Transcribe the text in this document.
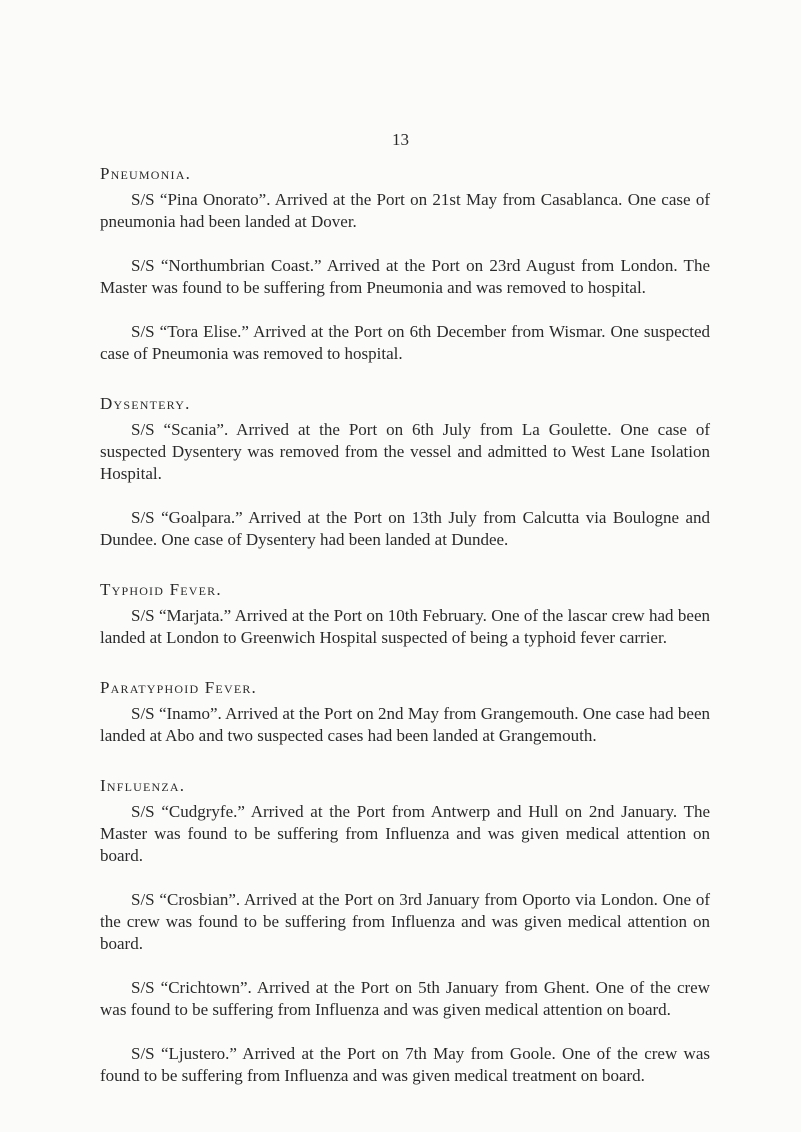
13

Pneumonia.

S/S “Pina Onorato”. Arrived at the Port on 21st May from Casablanca. One case of pneumonia had been landed at Dover.

S/S “Northumbrian Coast.” Arrived at the Port on 23rd August from London. The Master was found to be suffering from Pneumonia and was removed to hospital.

S/S “Tora Elise.” Arrived at the Port on 6th December from Wismar. One suspected case of Pneumonia was removed to hospital.

Dysentery.

S/S “Scania”. Arrived at the Port on 6th July from La Goulette. One case of suspected Dysentery was removed from the vessel and admitted to West Lane Isolation Hospital.

S/S “Goalpara.” Arrived at the Port on 13th July from Calcutta via Boulogne and Dundee. One case of Dysentery had been landed at Dundee.

Typhoid Fever.

S/S “Marjata.” Arrived at the Port on 10th February. One of the lascar crew had been landed at London to Greenwich Hospital suspected of being a typhoid fever carrier.

Paratyphoid Fever.

S/S “Inamo”. Arrived at the Port on 2nd May from Grangemouth. One case had been landed at Abo and two suspected cases had been landed at Grangemouth.

Influenza.

S/S “Cudgryfe.” Arrived at the Port from Antwerp and Hull on 2nd January. The Master was found to be suffering from Influenza and was given medical attention on board.

S/S “Crosbian”. Arrived at the Port on 3rd January from Oporto via London. One of the crew was found to be suffering from Influenza and was given medical attention on board.

S/S “Crichtown”. Arrived at the Port on 5th January from Ghent. One of the crew was found to be suffering from Influenza and was given medical attention on board.

S/S “Ljustero.” Arrived at the Port on 7th May from Goole. One of the crew was found to be suffering from Influenza and was given medical treatment on board.
